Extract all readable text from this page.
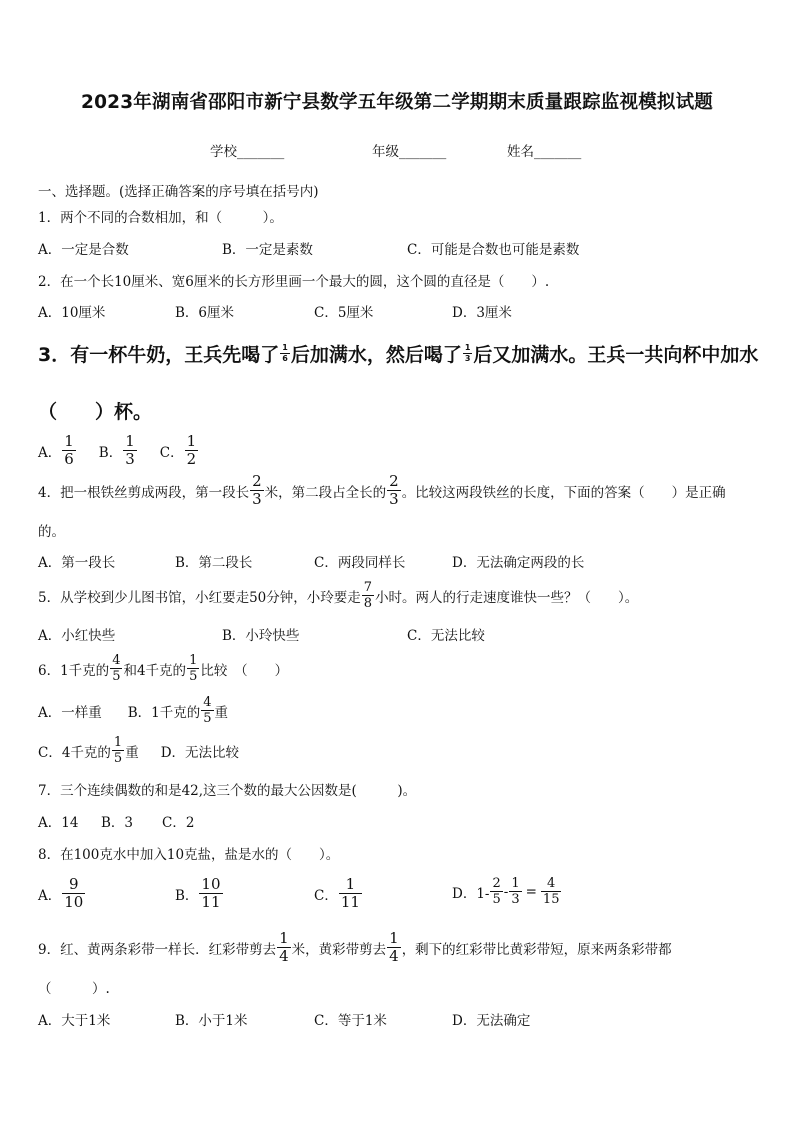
2023年湖南省邵阳市新宁县数学五年级第二学期期末质量跟踪监视模拟试题
学校_______	年级_______	姓名_______
一、选择题。(选择正确答案的序号填在括号内)
1．两个不同的合数相加，和（　　　）。
A．一定是合数	B．一定是素数	C．可能是合数也可能是素数
2．在一个长10厘米、宽6厘米的长方形里画一个最大的圆，这个圆的直径是（　　）.
A．10厘米	B．6厘米	C．5厘米	D．3厘米
3．有一杯牛奶，王兵先喝了 $\frac{1}{6}$ 后加满水，然后喝了 $\frac{1}{3}$ 后又加满水。王兵一共向杯中加水
（　　）杯。
A． $\frac{1}{6}$ B． $\frac{1}{3}$ C． $\frac{1}{2}$
4．把一根铁丝剪成两段，第一段长 $\frac{2}{3}$ 米，第二段占全长的 $\frac{2}{3}$ 。比较这两段铁丝的长度，下面的答案（　　）是正确
的。
A．第一段长	B．第二段长	C．两段同样长	D．无法确定两段的长
5．从学校到少儿图书馆，小红要走50分钟，小玲要走 $\frac{7}{8}$ 小时。两人的行走速度谁快一些？（　　）。
A．小红快些	B．小玲快些	C．无法比较
6．1千克的 $\frac{4}{5}$ 和4千克的 $\frac{1}{5}$ 比较　（　　）
A．一样重 B．1千克的 $\frac{4}{5}$ 重
C．4千克的 $\frac{1}{5}$ 重 D．无法比较
7．三个连续偶数的和是42,这三个数的最大公因数是(　　　)。
A．14 B．3 C．2
8．在100克水中加入10克盐，盐是水的（　　）。
A． $\frac{9}{10}$	B． $\frac{10}{11}$	C． $\frac{1}{11}$	D．$1- \frac{2}{5} - \frac{1}{3} = \frac{4}{15}$
9．红、黄两条彩带一样长．红彩带剪去 $\frac{1}{4}$ 米，黄彩带剪去 $\frac{1}{4}$ ，剩下的红彩带比黄彩带短，原来两条彩带都
（　　　）.
A．大于1米	B．小于1米	C．等于1米	D．无法确定
